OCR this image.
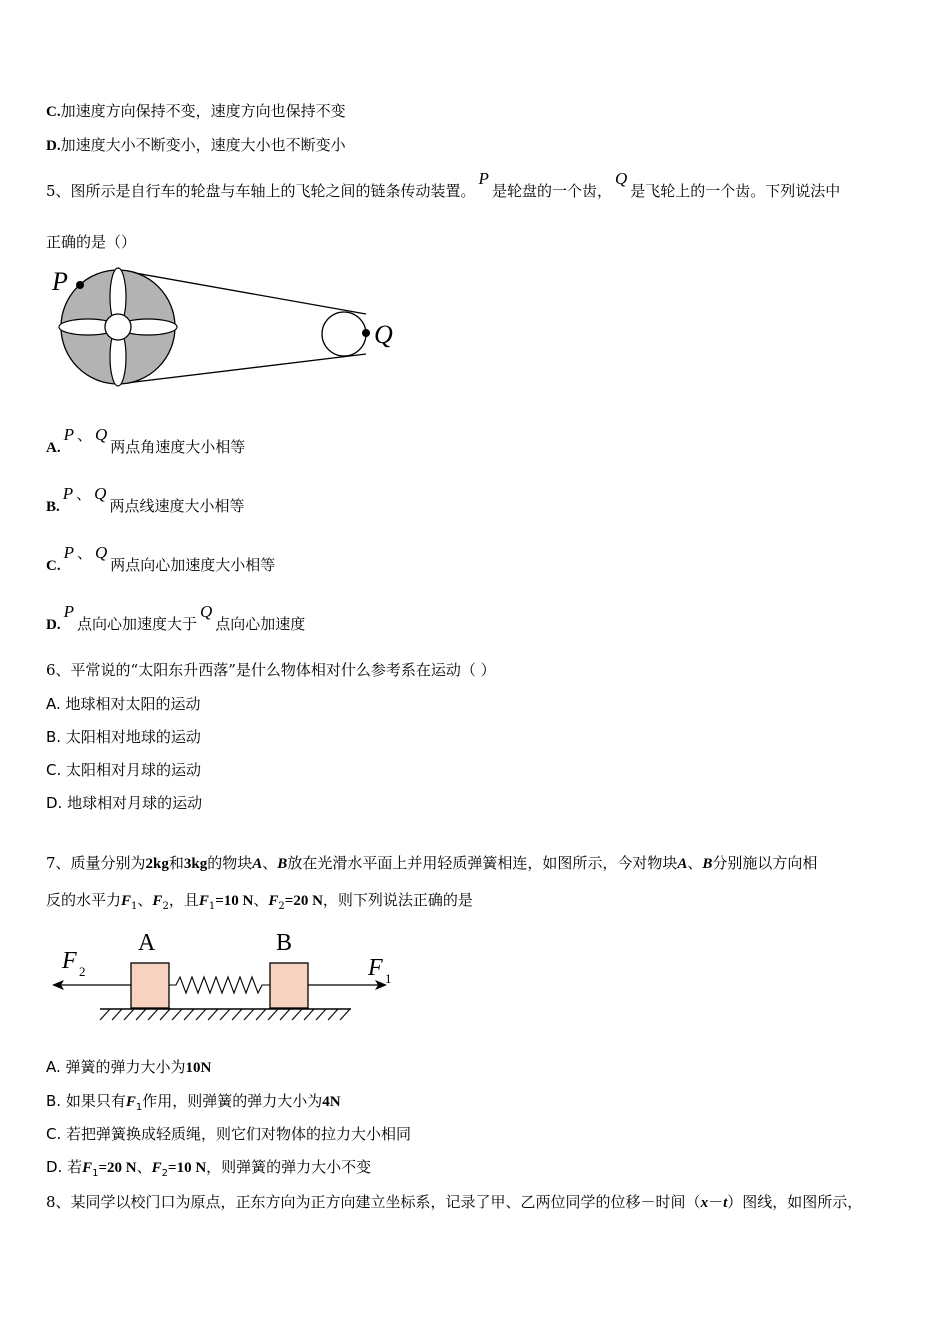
C.加速度方向保持不变，速度方向也保持不变
D.加速度大小不断变小，速度大小也不断变小
5、图所示是自行车的轮盘与车轴上的飞轮之间的链条传动装置。P是轮盘的一个齿，Q是飞轮上的一个齿。下列说法中
正确的是（）
P
Q
A.P 、 Q两点角速度大小相等
B.P 、 Q两点线速度大小相等
C.P 、 Q两点向心加速度大小相等
D.P点向心加速度大于Q点向心加速度
6、平常说的“太阳东升西落”是什么物体相对什么参考系在运动（ ）
A. 地球相对太阳的运动
B. 太阳相对地球的运动
C. 太阳相对月球的运动
D. 地球相对月球的运动
7、质量分别为2kg和3kg的物块A、B放在光滑水平面上并用轻质弹簧相连，如图所示，今对物块A、B分别施以方向相
反的水平力$F_1$、$F_2$，且$F_1=10$ N、$F_2=20$ N，则下列说法正确的是
A	B
F 2	F 1
A. 弹簧的弹力大小为10N
B. 如果只有$F_1$作用，则弹簧的弹力大小为4N
C. 若把弹簧换成轻质绳，则它们对物体的拉力大小相同
D. 若$F_1=20$ N、$F_2=10$ N，则弹簧的弹力大小不变
8、某同学以校门口为原点，正东方向为正方向建立坐标系，记录了甲、乙两位同学的位移－时间（x－t）图线，如图所示，
